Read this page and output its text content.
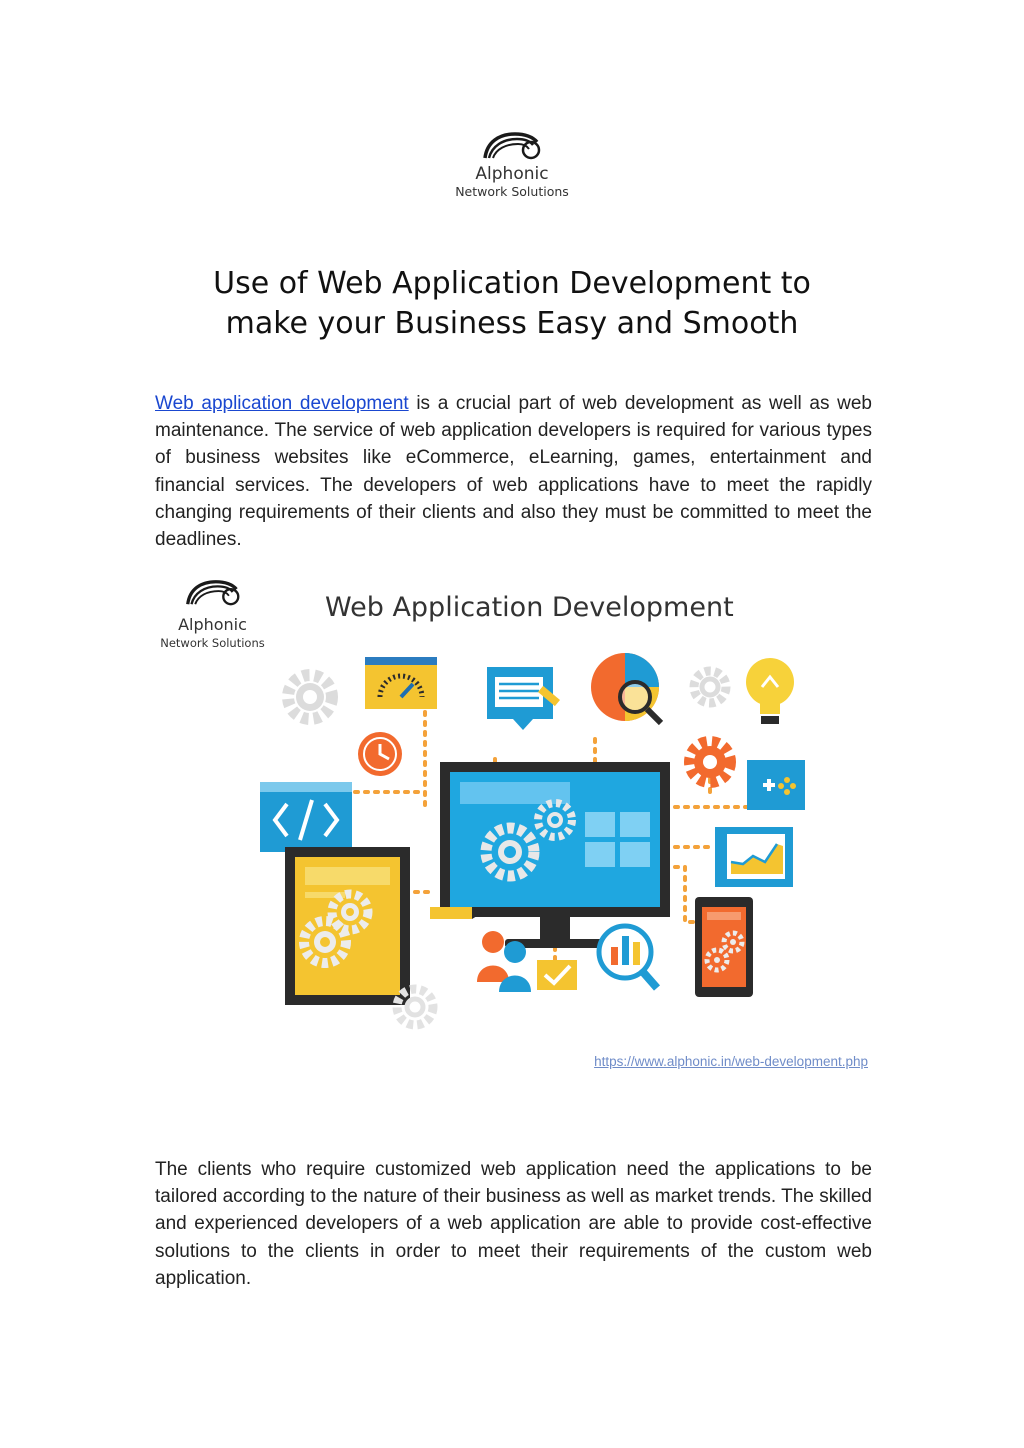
Alphonic
Network Solutions
Use of Web Application Development to
make your Business Easy and Smooth

Web application development is a crucial part of web development as well as web maintenance. The service of web application developers is required for various types of business websites like eCommerce, eLearning, games, entertainment and financial services. The developers of web applications have to meet the rapidly changing requirements of their clients and also they must be committed to meet the deadlines.

Alphonic
Network Solutions
Web Application Development
https://www.alphonic.in/web-development.php

The clients who require customized web application need the applications to be tailored according to the nature of their business as well as market trends. The skilled and experienced developers of a web application are able to provide cost-effective solutions to the clients in order to meet their requirements of the custom web application.
